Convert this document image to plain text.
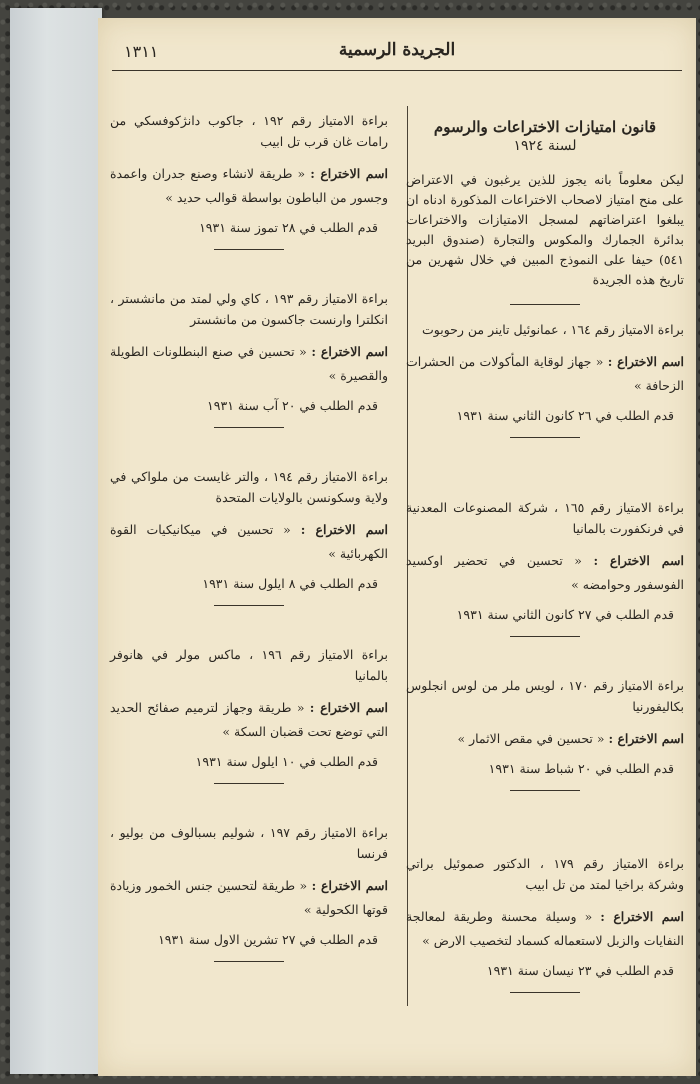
الجريدة الرسمية
١٣١١
قانون امتيازات الاختراعات والرسوم
لسنة ١٩٢٤
ليكن معلوماً بانه يجوز للذين يرغبون في الاعتراض على منح امتياز لاصحاب الاختراعات المذكورة ادناه ان يبلغوا اعتراضاتهم لمسجل الامتيازات والاختراعات بدائرة الجمارك والمكوس والتجارة (صندوق البريد ٥٤١) حيفا على النموذج المبين في خلال شهرين من تاريخ هذه الجريدة
براءة الامتياز رقم ١٦٤ ، عمانوئيل تاينر من رحوبوت
اسم الاختراع : « جهاز لوقاية المأكولات من الحشرات الزحافة »
قدم الطلب في ٢٦ كانون الثاني سنة ١٩٣١
براءة الامتياز رقم ١٦٥ ، شركة المصنوعات المعدنية في فرنكفورت بالمانيا
اسم الاختراع : « تحسين في تحضير اوكسيد الفوسفور وحوامضه »
قدم الطلب في ٢٧ كانون الثاني سنة ١٩٣١
براءة الامتياز رقم ١٧٠ ، لويس ملر من لوس انجلوس بكاليفورنيا
اسم الاختراع : « تحسين في مقص الاثمار »
قدم الطلب في ٢٠ شباط سنة ١٩٣١
براءة الامتياز رقم ١٧٩ ، الدكتور صموئيل براتي وشركة براخيا لمتد من تل ابيب
اسم الاختراع : « وسيلة محسنة وطريقة لمعالجة النفايات والزبل لاستعماله كسماد لتخصيب الارض »
قدم الطلب في ٢٣ نيسان سنة ١٩٣١
براءة الامتياز رقم ١٩٢ ، جاكوب دانژكوفسكي من رامات غان قرب تل ابيب
اسم الاختراع : « طريقة لانشاء وصنع جدران واعمدة وجسور من الباطون بواسطة قوالب حديد »
قدم الطلب في ٢٨ تموز سنة ١٩٣١
براءة الامتياز رقم ١٩٣ ، كاي ولي لمتد من مانشستر ، انكلترا وارنست جاكسون من مانشستر
اسم الاختراع : « تحسين في صنع البنطلونات الطويلة والقصيرة »
قدم الطلب في ٢٠ آب سنة ١٩٣١
براءة الامتياز رقم ١٩٤ ، والتر غايست من ملواكي في ولاية وسكونسن بالولايات المتحدة
اسم الاختراع : « تحسين في ميكانيكيات القوة الكهربائية »
قدم الطلب في ٨ ايلول سنة ١٩٣١
براءة الامتياز رقم ١٩٦ ، ماكس مولر في هانوفر بالمانيا
اسم الاختراع : « طريقة وجهاز لترميم صفائح الحديد التي توضع تحت قضبان السكة »
قدم الطلب في ١٠ ايلول سنة ١٩٣١
براءة الامتياز رقم ١٩٧ ، شوليم بسبالوف من بوليو ، فرنسا
اسم الاختراع : « طريقة لتحسين جنس الخمور وزيادة قوتها الكحولية »
قدم الطلب في ٢٧ تشرين الاول سنة ١٩٣١
